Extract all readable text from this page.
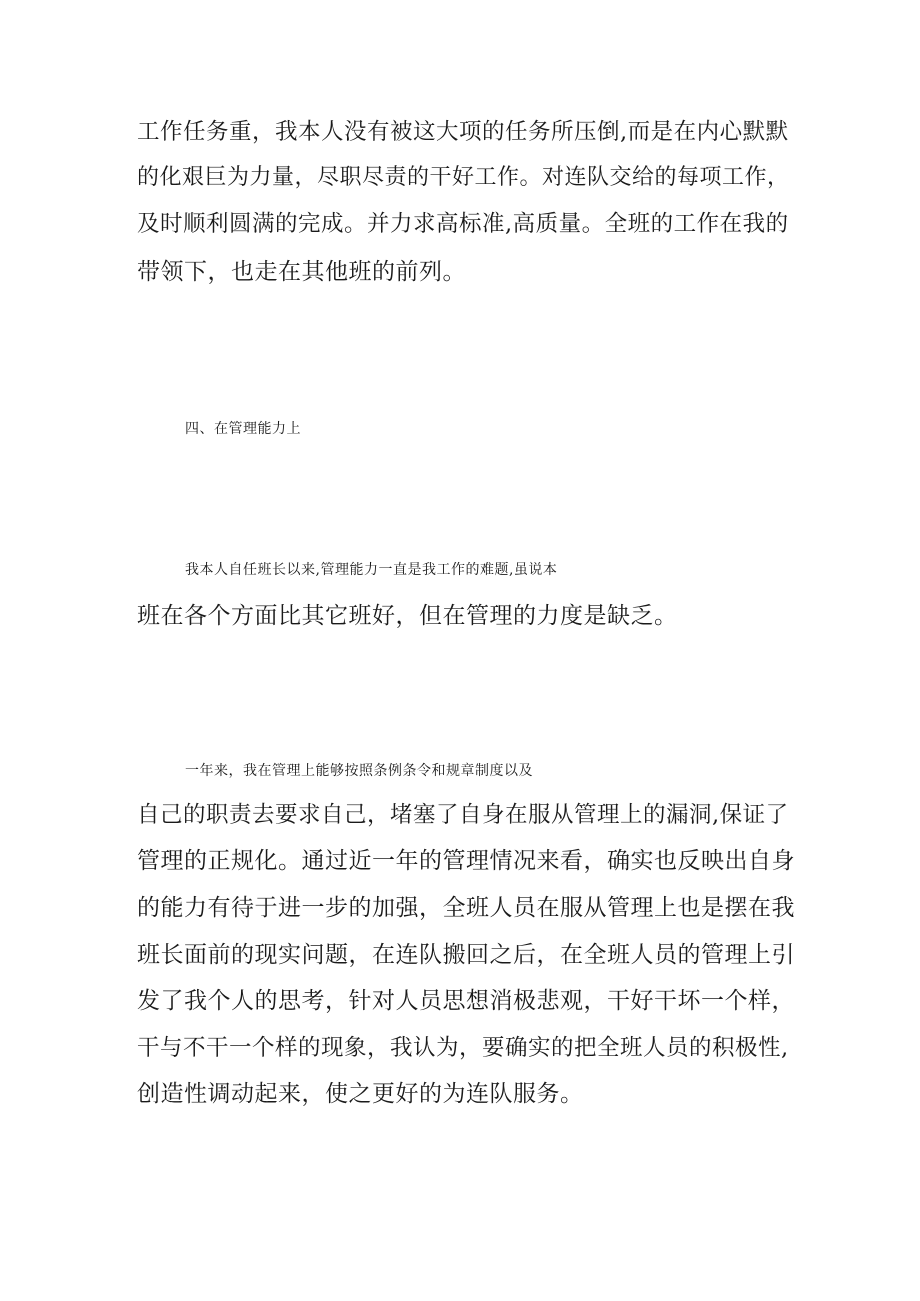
工作任务重，我本人没有被这大项的任务所压倒,而是在内心默默
的化艰巨为力量，尽职尽责的干好工作。对连队交给的每项工作，
及时顺利圆满的完成。并力求高标准,高质量。全班的工作在我的
带领下，也走在其他班的前列。
四、在管理能力上
我本人自任班长以来,管理能力一直是我工作的难题,虽说本
班在各个方面比其它班好，但在管理的力度是缺乏。
一年来，我在管理上能够按照条例条令和规章制度以及
自己的职责去要求自己，堵塞了自身在服从管理上的漏洞,保证了
管理的正规化。通过近一年的管理情况来看，确实也反映出自身
的能力有待于进一步的加强，全班人员在服从管理上也是摆在我
班长面前的现实问题，在连队搬回之后，在全班人员的管理上引
发了我个人的思考，针对人员思想消极悲观，干好干坏一个样，
干与不干一个样的现象，我认为，要确实的把全班人员的积极性,
创造性调动起来，使之更好的为连队服务。
